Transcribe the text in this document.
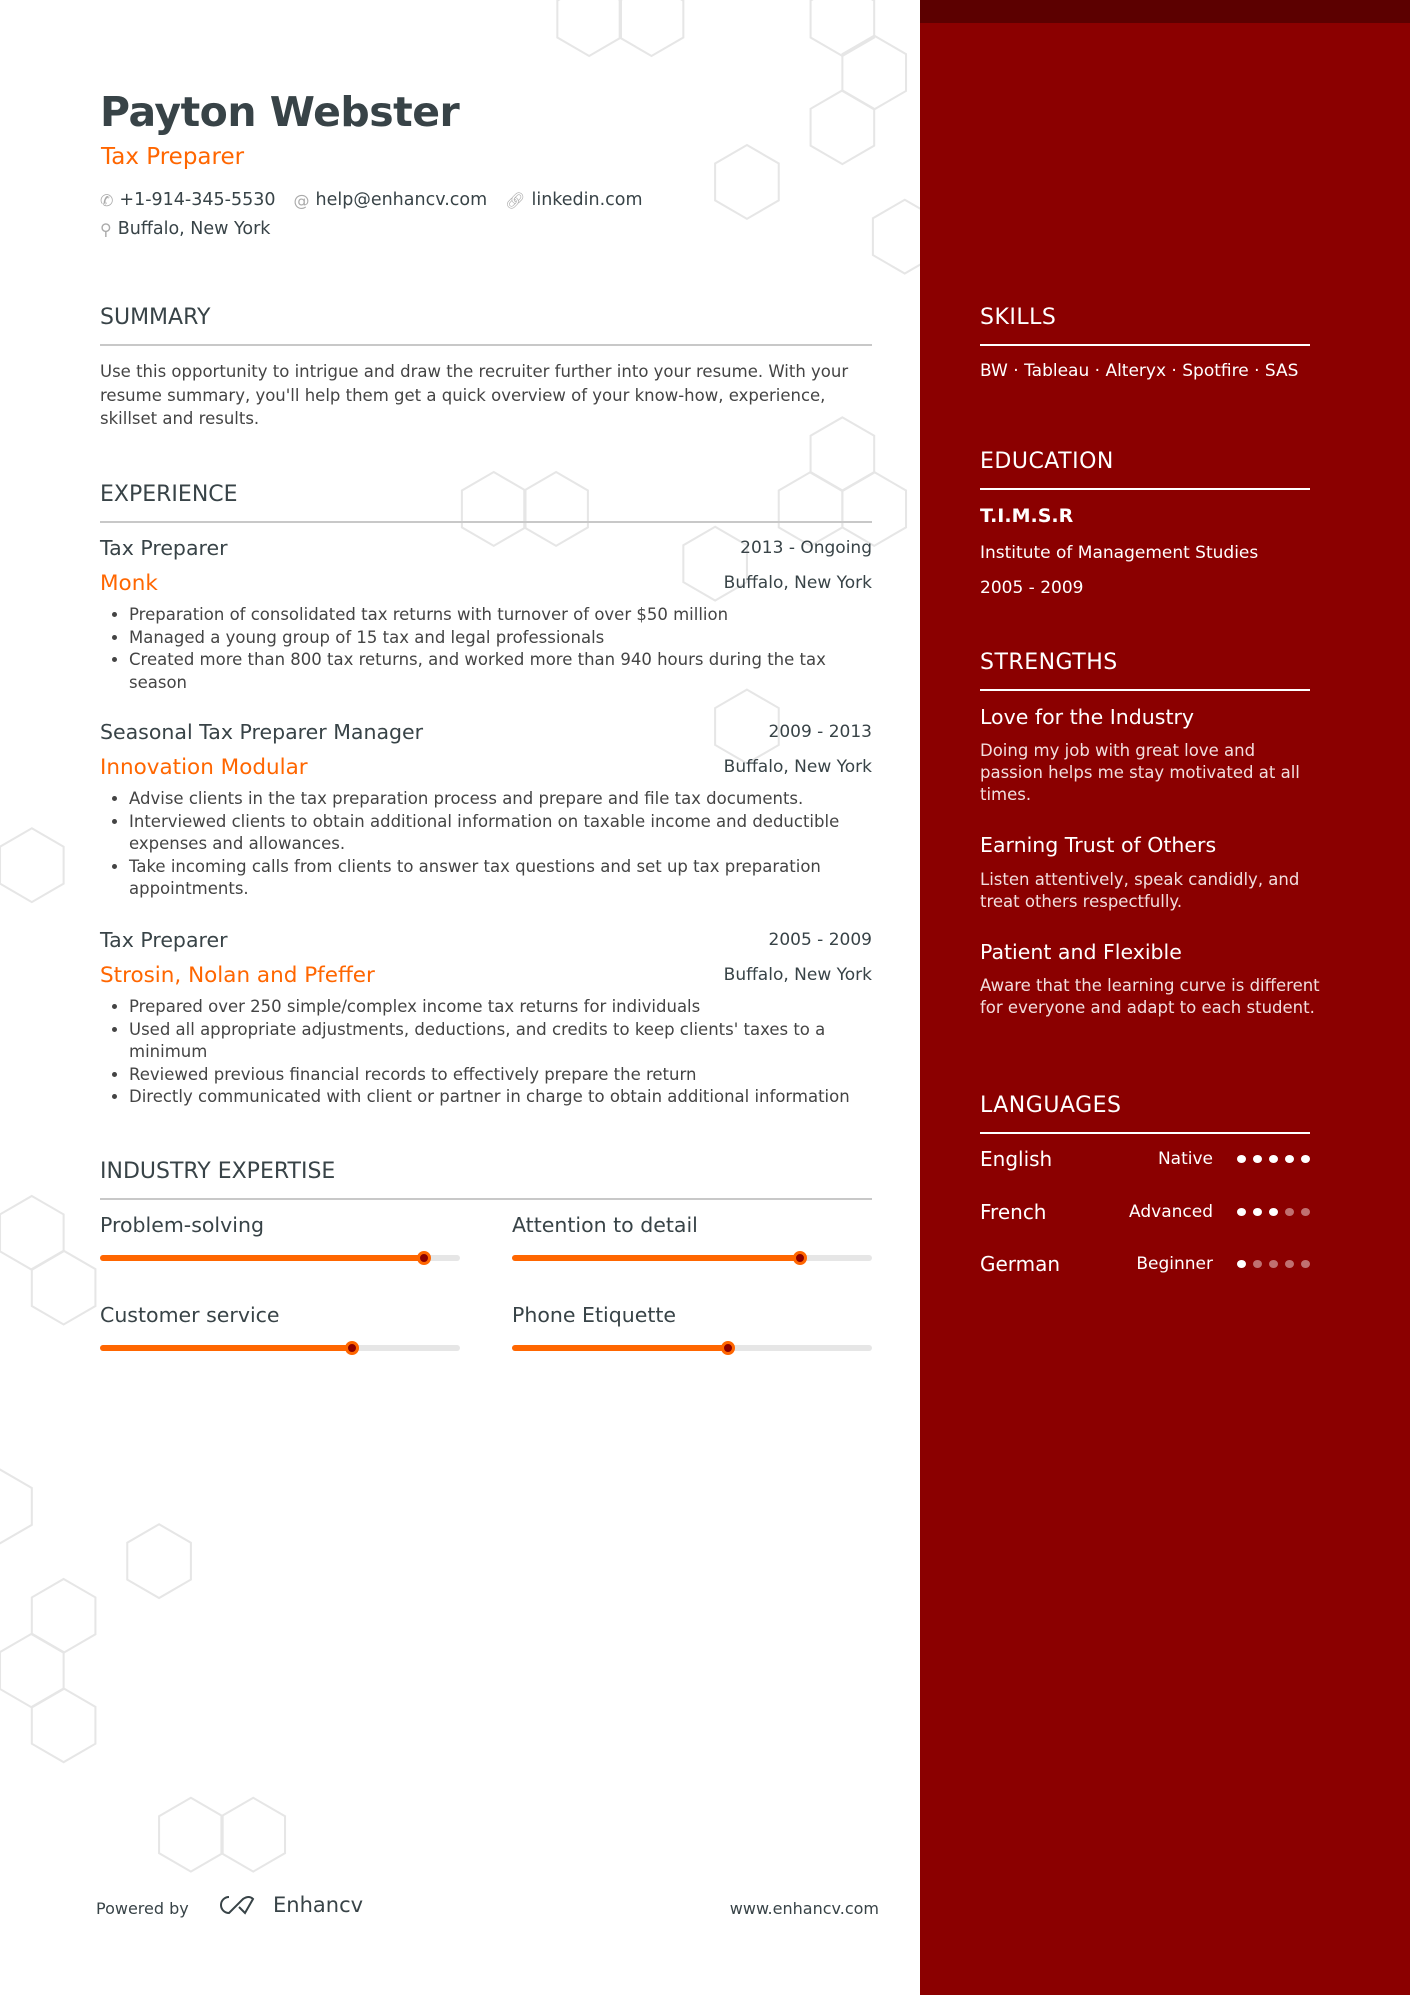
Payton Webster
Tax Preparer
✆ +1-914-345-5530 @ help@enhancv.com 🔗︎ linkedin.com
⚲ Buffalo, New York
SUMMARY
Use this opportunity to intrigue and draw the recruiter further into your resume. With your resume summary, you'll help them get a quick overview of your know-how, experience, skillset and results.
EXPERIENCE
Tax Preparer	2013 - Ongoing
Monk	Buffalo, New York
• Preparation of consolidated tax returns with turnover of over $50 million
• Managed a young group of 15 tax and legal professionals
• Created more than 800 tax returns, and worked more than 940 hours during the tax season
Seasonal Tax Preparer Manager	2009 - 2013
Innovation Modular	Buffalo, New York
• Advise clients in the tax preparation process and prepare and file tax documents.
• Interviewed clients to obtain additional information on taxable income and deductible expenses and allowances.
• Take incoming calls from clients to answer tax questions and set up tax preparation appointments.
Tax Preparer	2005 - 2009
Strosin, Nolan and Pfeffer	Buffalo, New York
• Prepared over 250 simple/complex income tax returns for individuals
• Used all appropriate adjustments, deductions, and credits to keep clients' taxes to a minimum
• Reviewed previous financial records to effectively prepare the return
• Directly communicated with client or partner in charge to obtain additional information
INDUSTRY EXPERTISE
Problem-solving	Attention to detail
Customer service	Phone Etiquette
Powered by	Enhancv	www.enhancv.com
SKILLS
BW · Tableau · Alteryx · Spotfire · SAS
EDUCATION
T.I.M.S.R
Institute of Management Studies
2005 - 2009
STRENGTHS
Love for the Industry
Doing my job with great love and passion helps me stay motivated at all times.
Earning Trust of Others
Listen attentively, speak candidly, and treat others respectfully.
Patient and Flexible
Aware that the learning curve is different for everyone and adapt to each student.
LANGUAGES
English	Native
French	Advanced
German	Beginner
